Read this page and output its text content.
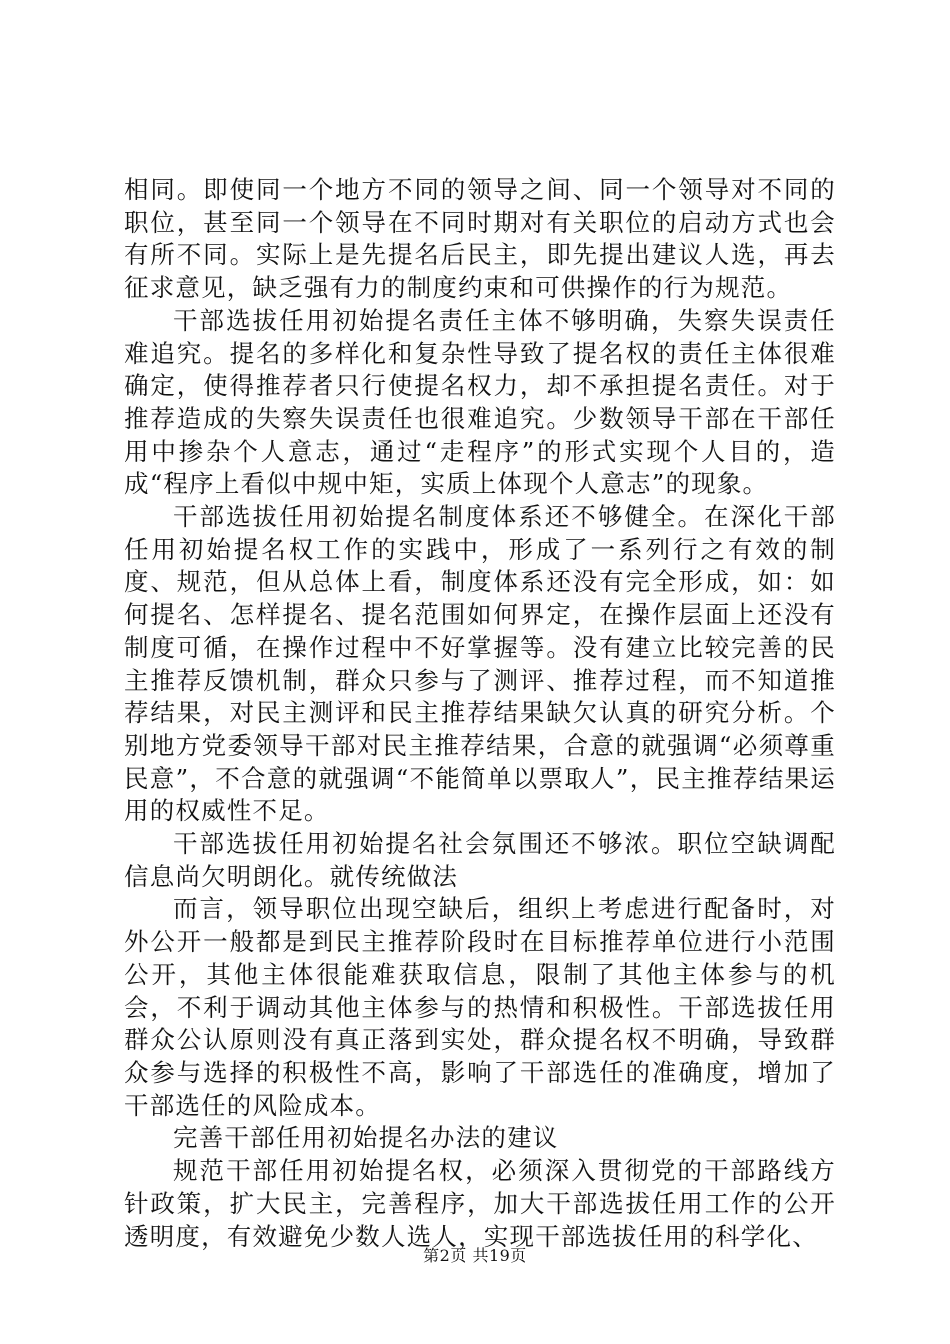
相同。即使同一个地方不同的领导之间、同一个领导对不同的职位，甚至同一个领导在不同时期对有关职位的启动方式也会有所不同。实际上是先提名后民主，即先提出建议人选，再去征求意见，缺乏强有力的制度约束和可供操作的行为规范。

干部选拔任用初始提名责任主体不够明确，失察失误责任难追究。提名的多样化和复杂性导致了提名权的责任主体很难确定，使得推荐者只行使提名权力，却不承担提名责任。对于推荐造成的失察失误责任也很难追究。少数领导干部在干部任用中掺杂个人意志，通过“走程序”的形式实现个人目的，造成“程序上看似中规中矩，实质上体现个人意志”的现象。

干部选拔任用初始提名制度体系还不够健全。在深化干部任用初始提名权工作的实践中，形成了一系列行之有效的制度、规范，但从总体上看，制度体系还没有完全形成，如：如何提名、怎样提名、提名范围如何界定，在操作层面上还没有制度可循，在操作过程中不好掌握等。没有建立比较完善的民主推荐反馈机制，群众只参与了测评、推荐过程，而不知道推荐结果，对民主测评和民主推荐结果缺欠认真的研究分析。个别地方党委领导干部对民主推荐结果，合意的就强调“必须尊重民意”，不合意的就强调“不能简单以票取人”，民主推荐结果运用的权威性不足。

干部选拔任用初始提名社会氛围还不够浓。职位空缺调配信息尚欠明朗化。就传统做法

而言，领导职位出现空缺后，组织上考虑进行配备时，对外公开一般都是到民主推荐阶段时在目标推荐单位进行小范围公开，其他主体很能难获取信息，限制了其他主体参与的机会，不利于调动其他主体参与的热情和积极性。干部选拔任用群众公认原则没有真正落到实处，群众提名权不明确，导致群众参与选择的积极性不高，影响了干部选任的准确度，增加了干部选任的风险成本。

完善干部任用初始提名办法的建议

规范干部任用初始提名权，必须深入贯彻党的干部路线方针政策，扩大民主，完善程序，加大干部选拔任用工作的公开透明度，有效避免少数人选人，实现干部选拔任用的科学化、

第2页 共19页
